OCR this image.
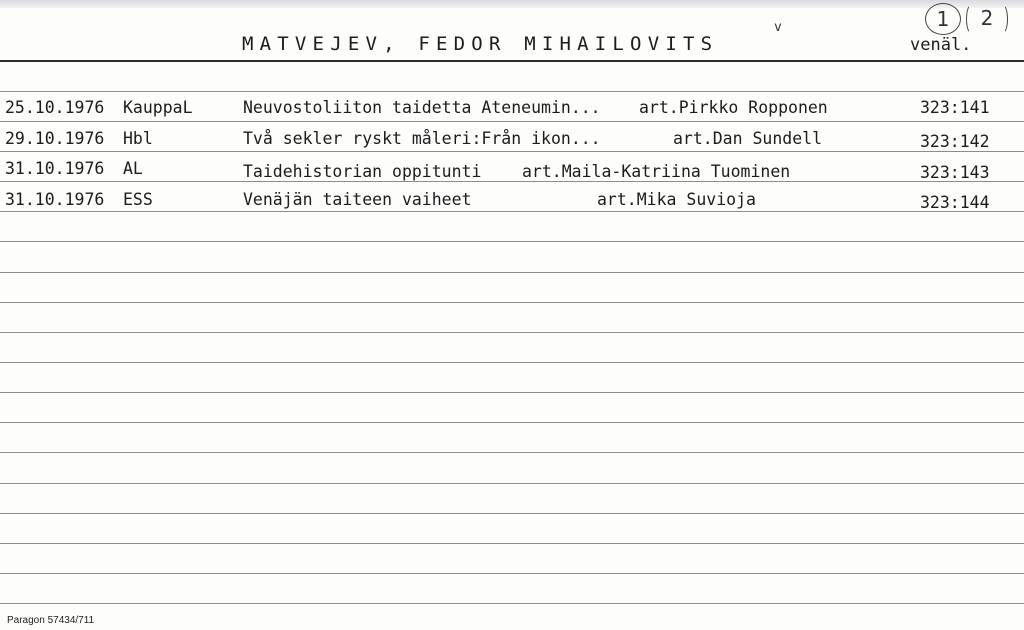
MATVEJEV, FEDOR MIHAILOVITS
v
venäl.
1	2
25.10.1976 KauppaL	Neuvostoliiton taidetta Ateneumin... art.Pirkko Ropponen	323:141
29.10.1976 Hbl	Två sekler ryskt måleri:Från ikon...	art.Dan Sundell	323:142
31.10.1976 AL	Taidehistorian oppitunti art.Maila-Katriina Tuominen	323:143
31.10.1976 ESS	Venäjän taiteen vaiheet	art.Mika Suvioja	323:144
Paragon 57434/711
